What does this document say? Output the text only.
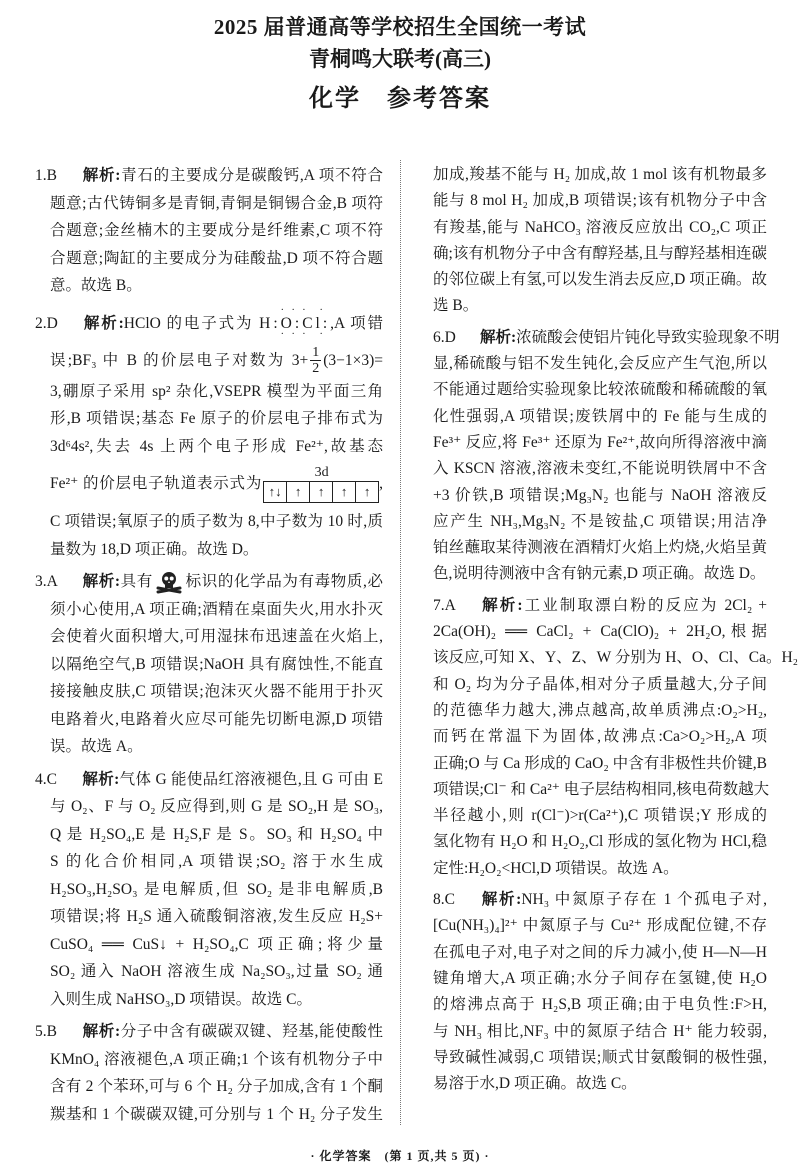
2025 届普通高等学校招生全国统一考试
青桐鸣大联考(高三)
化学　参考答案
1.B 解析:青石的主要成分是碳酸钙,A 项不符合
题意;古代铸铜多是青铜,青铜是铜锡合金,B 项符
合题意;金丝楠木的主要成分是纤维素,C 项不符
合题意;陶缸的主要成分为硅酸盐,D 项不符合题
意。故选 B。
2.D 解析:HClO 的电子式为 H:· · O · ·:· · Cl · ·:,A 项错
误;BF₃ 中 B 的价层电子对数为 $3+ \frac{1}{2} (3-1\times 3)=$
3,硼原子采用 sp² 杂化,VSEPR 模型为平面三角
形,B 项错误;基态 Fe 原子的价层电子排布式为
3d⁶4s²,失去 4s 上两个电子形成 Fe²⁺,故基态
Fe²⁺ 的价层电子轨道表示式为
3d
↑↓	↑	↑	↑	↑ ,
C 项错误;氧原子的质子数为 8,中子数为 10 时,质
量数为 18,D 项正确。故选 D。
3.A 解析:具有 标识的化学品为有毒物质,必
须小心使用,A 项正确;酒精在桌面失火,用水扑灭
会使着火面积增大,可用湿抹布迅速盖在火焰上,
以隔绝空气,B 项错误;NaOH 具有腐蚀性,不能直
接接触皮肤,C 项错误;泡沫灭火器不能用于扑灭
电路着火,电路着火应尽可能先切断电源,D 项错
误。故选 A。
4.C 解析:气体 G 能使品红溶液褪色,且 G 可由 E
与 O₂、F 与 O₂ 反应得到,则 G 是 SO₂,H 是 SO₃,
Q 是 H₂SO₄,E 是 H₂S,F 是 S。SO₃ 和 H₂SO₄ 中
S 的化合价相同,A 项错误;SO₂ 溶于水生成
H₂SO₃,H₂SO₃ 是电解质,但 SO₂ 是非电解质,B
项错误;将 H₂S 通入硫酸铜溶液,发生反应 H₂S+
CuSO₄ ══ CuS↓ + H₂SO₄,C 项正确;将少量
SO₂ 通入 NaOH 溶液生成 Na₂SO₃,过量 SO₂ 通
入则生成 NaHSO₃,D 项错误。故选 C。
5.B 解析:分子中含有碳碳双键、羟基,能使酸性
KMnO₄ 溶液褪色,A 项正确;1 个该有机物分子中
含有 2 个苯环,可与 6 个 H₂ 分子加成,含有 1 个酮
羰基和 1 个碳碳双键,可分别与 1 个 H₂ 分子发生
加成,羧基不能与 H₂ 加成,故 1 mol 该有机物最多
能与 8 mol H₂ 加成,B 项错误;该有机物分子中含
有羧基,能与 NaHCO₃ 溶液反应放出 CO₂,C 项正
确;该有机物分子中含有醇羟基,且与醇羟基相连碳
的邻位碳上有氢,可以发生消去反应,D 项正确。故
选 B。
6.D 解析:浓硫酸会使铝片钝化导致实验现象不明
显,稀硫酸与铝不发生钝化,会反应产生气泡,所以
不能通过题给实验现象比较浓硫酸和稀硫酸的氧
化性强弱,A 项错误;废铁屑中的 Fe 能与生成的
Fe³⁺ 反应,将 Fe³⁺ 还原为 Fe²⁺,故向所得溶液中滴
入 KSCN 溶液,溶液未变红,不能说明铁屑中不含
+3 价铁,B 项错误;Mg₃N₂ 也能与 NaOH 溶液反
应产生 NH₃,Mg₃N₂ 不是铵盐,C 项错误;用洁净
铂丝蘸取某待测液在酒精灯火焰上灼烧,火焰呈黄
色,说明待测液中含有钠元素,D 项正确。故选 D。
7.A 解析:工业制取漂白粉的反应为 2Cl₂ +
2Ca(OH)₂ ══ CaCl₂ + Ca(ClO)₂ + 2H₂O,根据
该反应,可知 X、Y、Z、W 分别为 H、O、Cl、Ca。H₂
和 O₂ 均为分子晶体,相对分子质量越大,分子间
的范德华力越大,沸点越高,故单质沸点:O₂>H₂,
而钙在常温下为固体,故沸点:Ca>O₂>H₂,A 项
正确;O 与 Ca 形成的 CaO₂ 中含有非极性共价键,B
项错误;Cl⁻ 和 Ca²⁺ 电子层结构相同,核电荷数越大
半径越小,则 r(Cl⁻)>r(Ca²⁺),C 项错误;Y 形成的
氢化物有 H₂O 和 H₂O₂,Cl 形成的氢化物为 HCl,稳
定性:H₂O₂<HCl,D 项错误。故选 A。
8.C 解析:NH₃ 中氮原子存在 1 个孤电子对,
[Cu(NH₃)₄]²⁺ 中氮原子与 Cu²⁺ 形成配位键,不存
在孤电子对,电子对之间的斥力减小,使 H—N—H
键角增大,A 项正确;水分子间存在氢键,使 H₂O
的熔沸点高于 H₂S,B 项正确;由于电负性:F>H,
与 NH₃ 相比,NF₃ 中的氮原子结合 H⁺ 能力较弱,
导致碱性减弱,C 项错误;顺式甘氨酸铜的极性强,
易溶于水,D 项正确。故选 C。
· 化学答案　(第 1 页,共 5 页) ·
